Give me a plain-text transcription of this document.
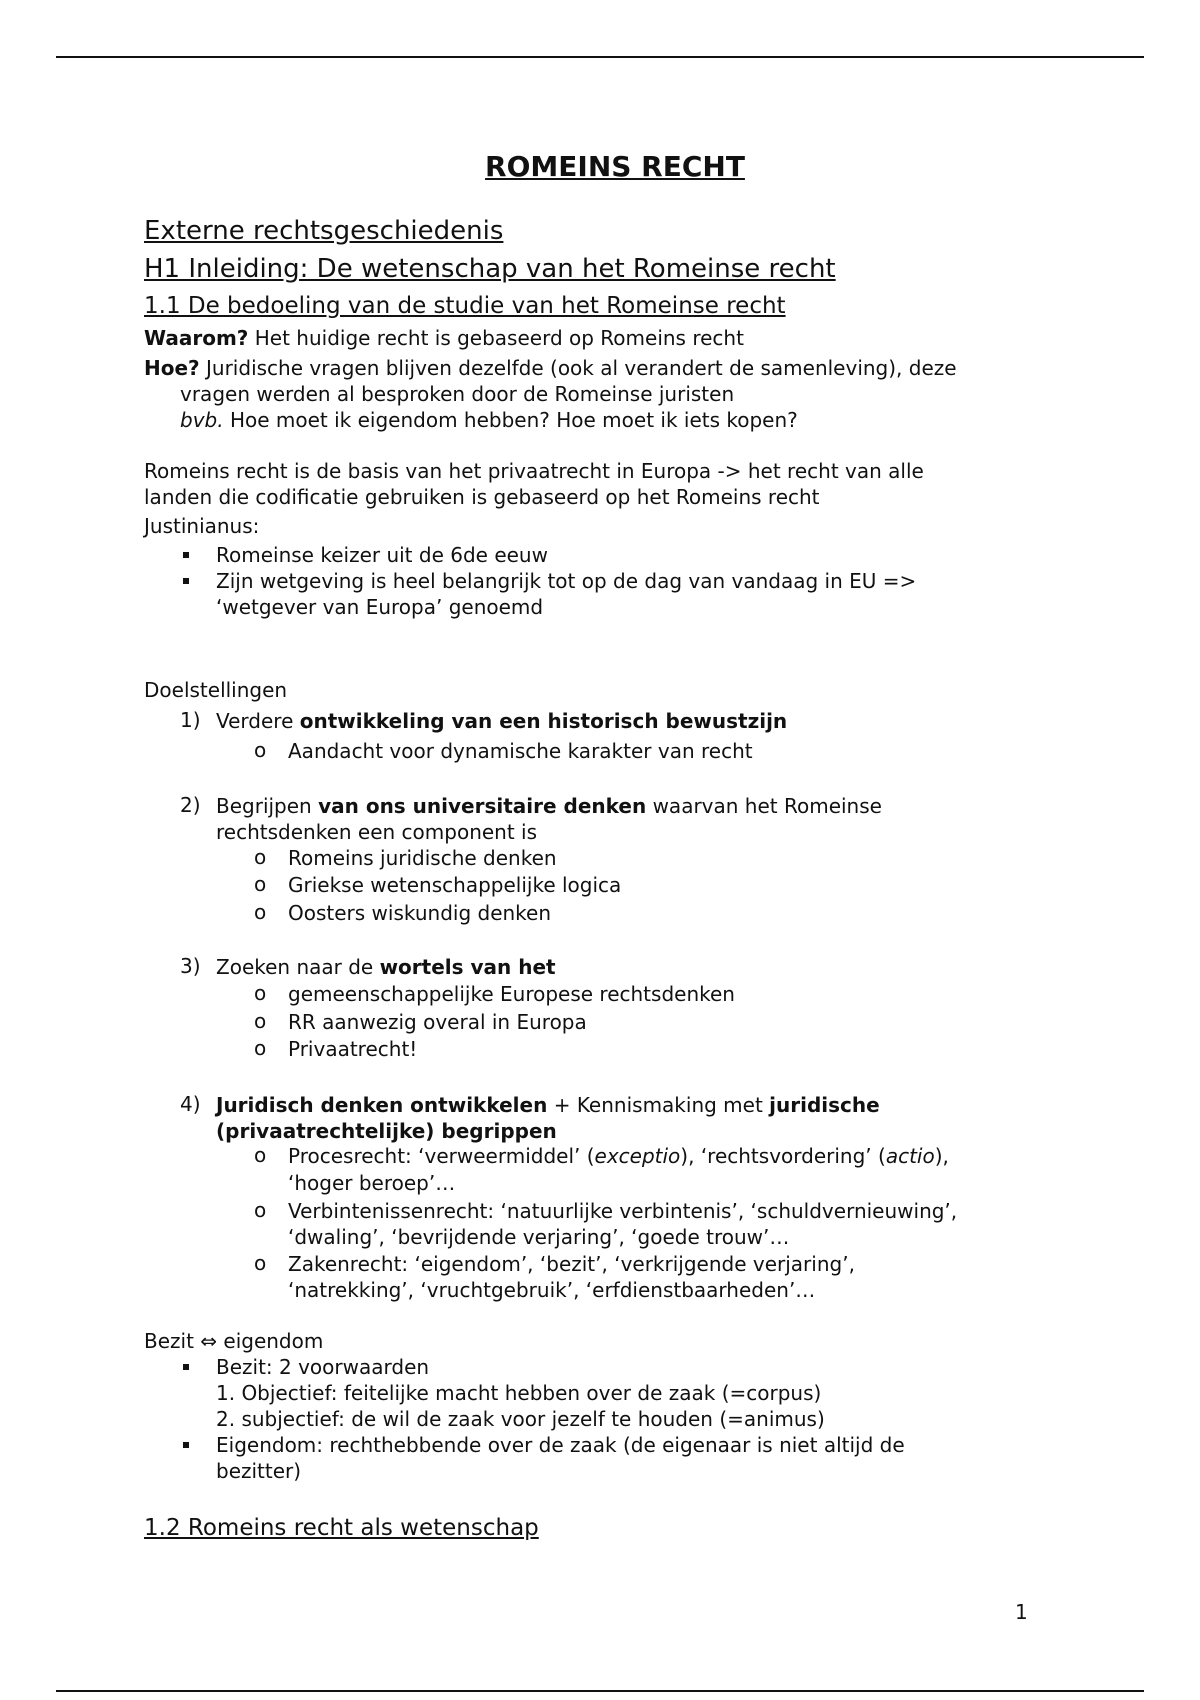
ROMEINS RECHT
Externe rechtsgeschiedenis
H1 Inleiding: De wetenschap van het Romeinse recht
1.1 De bedoeling van de studie van het Romeinse recht
Waarom? Het huidige recht is gebaseerd op Romeins recht
Hoe? Juridische vragen blijven dezelfde (ook al verandert de samenleving), deze
vragen werden al besproken door de Romeinse juristen
bvb. Hoe moet ik eigendom hebben? Hoe moet ik iets kopen?
Romeins recht is de basis van het privaatrecht in Europa -> het recht van alle
landen die codificatie gebruiken is gebaseerd op het Romeins recht
Justinianus:
Romeinse keizer uit de 6de eeuw
Zijn wetgeving is heel belangrijk tot op de dag van vandaag in EU =>
‘wetgever van Europa’ genoemd
Doelstellingen
1) Verdere ontwikkeling van een historisch bewustzijn
o Aandacht voor dynamische karakter van recht
2) Begrijpen van ons universitaire denken waarvan het Romeinse
rechtsdenken een component is
o Romeins juridische denken
o Griekse wetenschappelijke logica
o Oosters wiskundig denken
3) Zoeken naar de wortels van het
o gemeenschappelijke Europese rechtsdenken
o RR aanwezig overal in Europa
o Privaatrecht!
4) Juridisch denken ontwikkelen + Kennismaking met juridische
(privaatrechtelijke) begrippen
o Procesrecht: ‘verweermiddel’ (exceptio), ‘rechtsvordering’ (actio),
‘hoger beroep’…
o Verbintenissenrecht: ‘natuurlijke verbintenis’, ‘schuldvernieuwing’,
‘dwaling’, ‘bevrijdende verjaring’, ‘goede trouw’…
o Zakenrecht: ‘eigendom’, ‘bezit’, ‘verkrijgende verjaring’,
‘natrekking’, ‘vruchtgebruik’, ‘erfdienstbaarheden’…
Bezit ⇔ eigendom
Bezit: 2 voorwaarden
1. Objectief: feitelijke macht hebben over de zaak (=corpus)
2. subjectief: de wil de zaak voor jezelf te houden (=animus)
Eigendom: rechthebbende over de zaak (de eigenaar is niet altijd de
bezitter)
1.2 Romeins recht als wetenschap
1
